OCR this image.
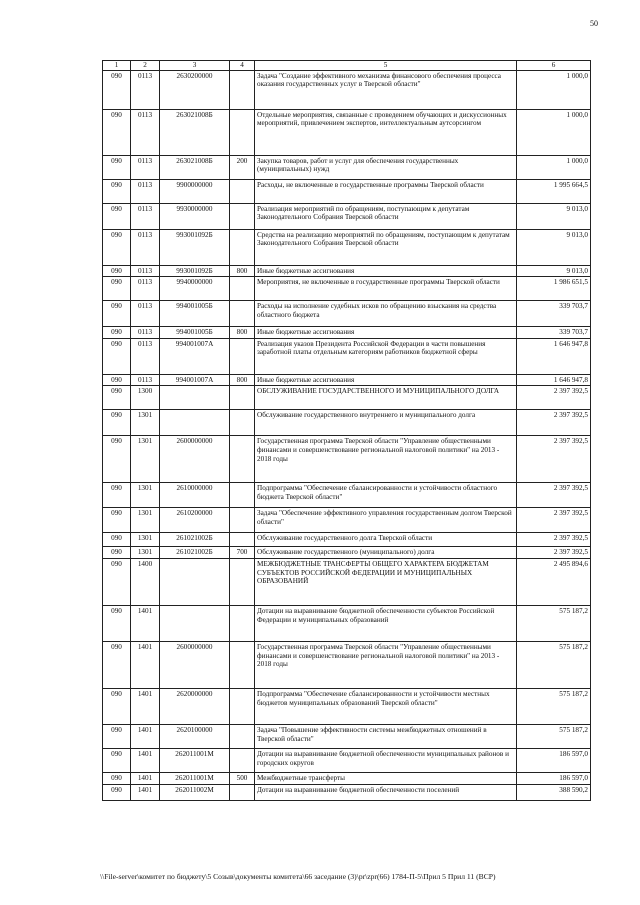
50
1	2	3	4	5	6
090	0113	2630200000		Задача "Создание эффективного механизма финансового обеспечения процесса оказания государственных услуг в Тверской области"	1 000,0
090	0113	263021008Б		Отдельные мероприятия, связанные с проведением обучающих и дискуссионных мероприятий, привлечением экспертов, интеллектуальным аутсорсингом	1 000,0
090	0113	263021008Б	200	Закупка товаров, работ и услуг для обеспечения государственных (муниципальных) нужд	1 000,0
090	0113	9900000000		Расходы, не включенные в государственные программы Тверской области	1 995 664,5
090	0113	9930000000		Реализация мероприятий по обращениям, поступающим к депутатам Законодательного Собрания Тверской области	9 013,0
090	0113	993001092Б		Средства на реализацию мероприятий по обращениям, поступающим к депутатам Законодательного Собрания Тверской области	9 013,0
090	0113	993001092Б	800	Иные бюджетные ассигнования	9 013,0
090	0113	9940000000		Мероприятия, не включенные в государственные программы Тверской области	1 986 651,5
090	0113	994001005Б		Расходы на исполнение судебных исков по обращению взыскания на средства областного бюджета	339 703,7
090	0113	994001005Б	800	Иные бюджетные ассигнования	339 703,7
090	0113	994001007А		Реализация указов Президента Российской Федерации в части повышения заработной платы отдельным категориям работников бюджетной сферы	1 646 947,8
090	0113	994001007А	800	Иные бюджетные ассигнования	1 646 947,8
090	1300			ОБСЛУЖИВАНИЕ ГОСУДАРСТВЕННОГО И МУНИЦИПАЛЬНОГО ДОЛГА	2 397 392,5
090	1301			Обслуживание государственного внутреннего и муниципального долга	2 397 392,5
090	1301	2600000000		Государственная программа Тверской области "Управление общественными финансами и совершенствование региональной налоговой политики" на 2013 - 2018 годы	2 397 392,5
090	1301	2610000000		Подпрограмма "Обеспечение сбалансированности и устойчивости областного бюджета Тверской области"	2 397 392,5
090	1301	2610200000		Задача "Обеспечение эффективного управления государственным долгом Тверской области"	2 397 392,5
090	1301	261021002Б		Обслуживание государственного долга Тверской области	2 397 392,5
090	1301	261021002Б	700	Обслуживание государственного (муниципального) долга	2 397 392,5
090	1400			МЕЖБЮДЖЕТНЫЕ ТРАНСФЕРТЫ ОБЩЕГО ХАРАКТЕРА БЮДЖЕТАМ СУБЪЕКТОВ РОССИЙСКОЙ ФЕДЕРАЦИИ И МУНИЦИПАЛЬНЫХ ОБРАЗОВАНИЙ	2 495 894,6
090	1401			Дотации на выравнивание бюджетной обеспеченности субъектов Российской Федерации и муниципальных образований	575 187,2
090	1401	2600000000		Государственная программа Тверской области "Управление общественными финансами и совершенствование региональной налоговой политики" на 2013 - 2018 годы	575 187,2
090	1401	2620000000		Подпрограмма "Обеспечение сбалансированности и устойчивости местных бюджетов муниципальных образований Тверской области"	575 187,2
090	1401	2620100000		Задача "Повышение эффективности системы межбюджетных отношений в Тверской области"	575 187,2
090	1401	262011001М		Дотации на выравнивание бюджетной обеспеченности муниципальных районов и городских округов	186 597,0
090	1401	262011001М	500	Межбюджетные трансферты	186 597,0
090	1401	262011002М		Дотации на выравнивание бюджетной обеспеченности поселений	388 590,2
\\File-server\комитет по бюджету\5 Созыв\документы комитета\66 заседание (3)\pr\zpr(66) 1784-П-5\Прил 5 Прил 11 (ВСР)
